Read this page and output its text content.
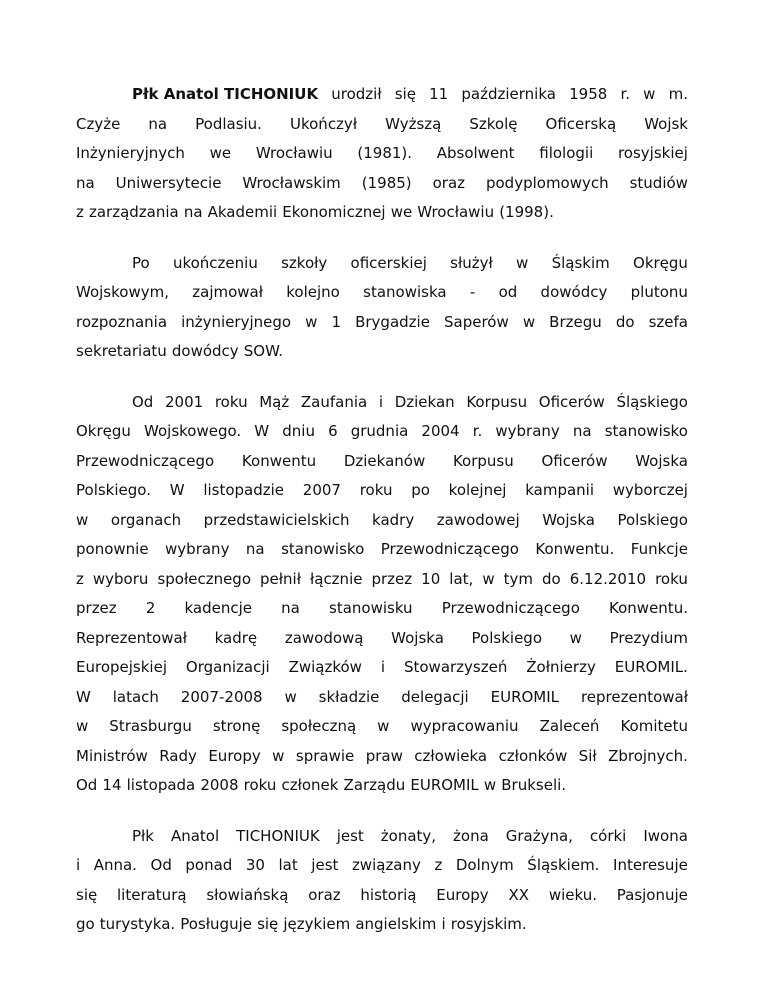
Płk Anatol TICHONIUK urodził się 11 października 1958 r. w m.
Czyże na Podlasiu. Ukończył Wyższą Szkolę Oficerską Wojsk
Inżynieryjnych we Wrocławiu (1981). Absolwent filologii rosyjskiej
na Uniwersytecie Wrocławskim (1985) oraz podyplomowych studiów
z zarządzania na Akademii Ekonomicznej we Wrocławiu (1998).
Po ukończeniu szkoły oficerskiej służył w Śląskim Okręgu
Wojskowym, zajmował kolejno stanowiska - od dowódcy plutonu
rozpoznania inżynieryjnego w 1 Brygadzie Saperów w Brzegu do szefa
sekretariatu dowódcy SOW.
Od 2001 roku Mąż Zaufania i Dziekan Korpusu Oficerów Śląskiego
Okręgu Wojskowego. W dniu 6 grudnia 2004 r. wybrany na stanowisko
Przewodniczącego Konwentu Dziekanów Korpusu Oficerów Wojska
Polskiego. W listopadzie 2007 roku po kolejnej kampanii wyborczej
w organach przedstawicielskich kadry zawodowej Wojska Polskiego
ponownie wybrany na stanowisko Przewodniczącego Konwentu. Funkcje
z wyboru społecznego pełnił łącznie przez 10 lat, w tym do 6.12.2010 roku
przez 2 kadencje na stanowisku Przewodniczącego Konwentu.
Reprezentował kadrę zawodową Wojska Polskiego w Prezydium
Europejskiej Organizacji Związków i Stowarzyszeń Żołnierzy EUROMIL.
W latach 2007-2008 w składzie delegacji EUROMIL reprezentował
w Strasburgu stronę społeczną w wypracowaniu Zaleceń Komitetu
Ministrów Rady Europy w sprawie praw człowieka członków Sił Zbrojnych.
Od 14 listopada 2008 roku członek Zarządu EUROMIL w Brukseli.
Płk Anatol TICHONIUK jest żonaty, żona Grażyna, córki Iwona
i Anna. Od ponad 30 lat jest związany z Dolnym Śląskiem. Interesuje
się literaturą słowiańską oraz historią Europy XX wieku. Pasjonuje
go turystyka. Posługuje się językiem angielskim i rosyjskim.
